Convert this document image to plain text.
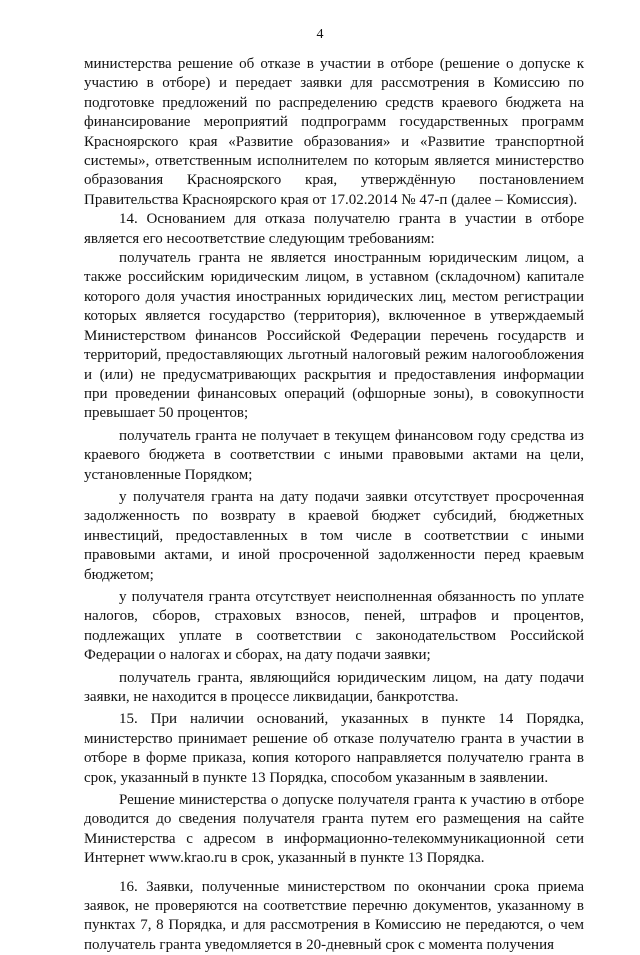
4

министерства решение об отказе в участии в отборе (решение о допуске к участию в отборе) и передает заявки для рассмотрения в Комиссию по подготовке предложений по распределению средств краевого бюджета на финансирование мероприятий подпрограмм государственных программ Красноярского края «Развитие образования» и «Развитие транспортной системы», ответственным исполнителем по которым является министерство образования Красноярского края, утверждённую постановлением Правительства Красноярского края от 17.02.2014 № 47-п (далее – Комиссия).

14. Основанием для отказа получателю гранта в участии в отборе является его несоответствие следующим требованиям:

получатель гранта не является иностранным юридическим лицом, а также российским юридическим лицом, в уставном (складочном) капитале которого доля участия иностранных юридических лиц, местом регистрации которых является государство (территория), включенное в утверждаемый Министерством финансов Российской Федерации перечень государств и территорий, предоставляющих льготный налоговый режим налогообложения и (или) не предусматривающих раскрытия и предоставления информации при проведении финансовых операций (офшорные зоны), в совокупности превышает 50 процентов;

получатель гранта не получает в текущем финансовом году средства из краевого бюджета в соответствии с иными правовыми актами на цели, установленные Порядком;

у получателя гранта на дату подачи заявки отсутствует просроченная задолженность по возврату в краевой бюджет субсидий, бюджетных инвестиций, предоставленных в том числе в соответствии с иными правовыми актами, и иной просроченной задолженности перед краевым бюджетом;

у получателя гранта отсутствует неисполненная обязанность по уплате налогов, сборов, страховых взносов, пеней, штрафов и процентов, подлежащих уплате в соответствии с законодательством Российской Федерации о налогах и сборах, на дату подачи заявки;

получатель гранта, являющийся юридическим лицом, на дату подачи заявки, не находится в процессе ликвидации, банкротства.

15. При наличии оснований, указанных в пункте 14 Порядка, министерство принимает решение об отказе получателю гранта в участии в отборе в форме приказа, копия которого направляется получателю гранта в срок, указанный в пункте 13 Порядка, способом указанным в заявлении.

Решение министерства о допуске получателя гранта к участию в отборе доводится до сведения получателя гранта путем его размещения на сайте Министерства с адресом в информационно-телекоммуникационной сети Интернет www.krao.ru в срок, указанный в пункте 13 Порядка.

16. Заявки, полученные министерством по окончании срока приема заявок, не проверяются на соответствие перечню документов, указанному в пунктах 7, 8 Порядка, и для рассмотрения в Комиссию не передаются, о чем получатель гранта уведомляется в 20-дневный срок с момента получения
